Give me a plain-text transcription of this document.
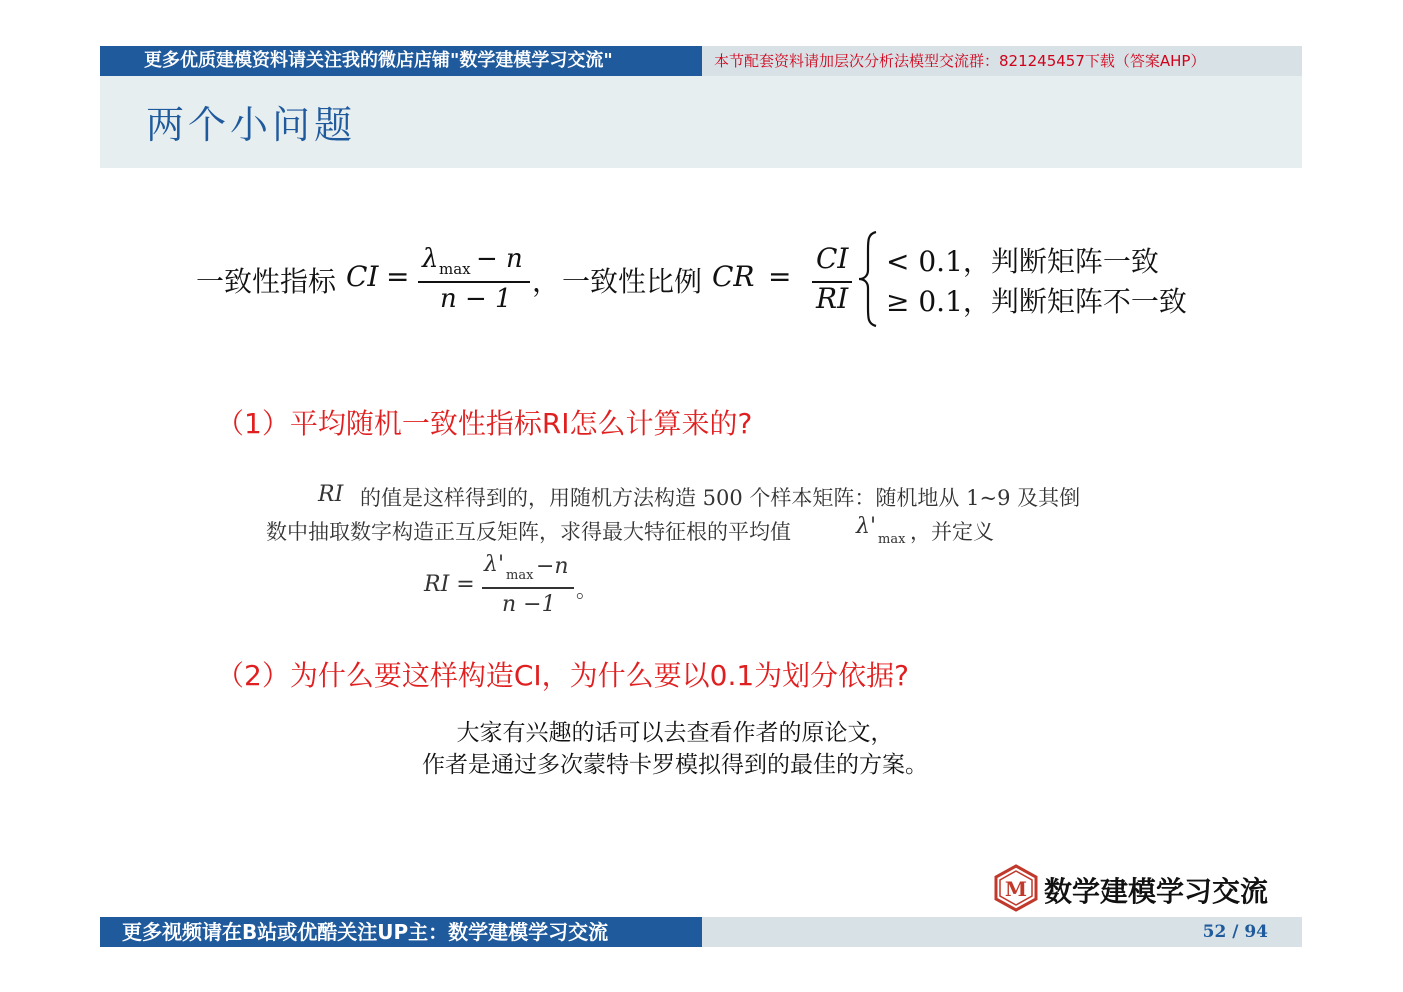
更多优质建模资料请关注我的微店店铺"数学建模学习交流"	本节配套资料请加层次分析法模型交流群：821245457下载（答案AHP）
两个小问题
一致性指标 CI =
λ max − n
n − 1
， 一致性比例 CR =
CI
RI
< 0.1，判断矩阵一致
≥ 0.1，判断矩阵不一致
（1）平均随机一致性指标RI怎么计算来的?
RI 的值是这样得到的，用随机方法构造 500 个样本矩阵：随机地从 1~9 及其倒
数中抽取数字构造正互反矩阵，求得最大特征根的平均值	λ'
max ，并定义
RI =
λ' max −n
n −1
。
（2）为什么要这样构造CI，为什么要以0.1为划分依据?
大家有兴趣的话可以去查看作者的原论文，
作者是通过多次蒙特卡罗模拟得到的最佳的方案。
M 数学建模学习交流
更多视频请在B站或优酷关注UP主：数学建模学习交流	52 / 94
